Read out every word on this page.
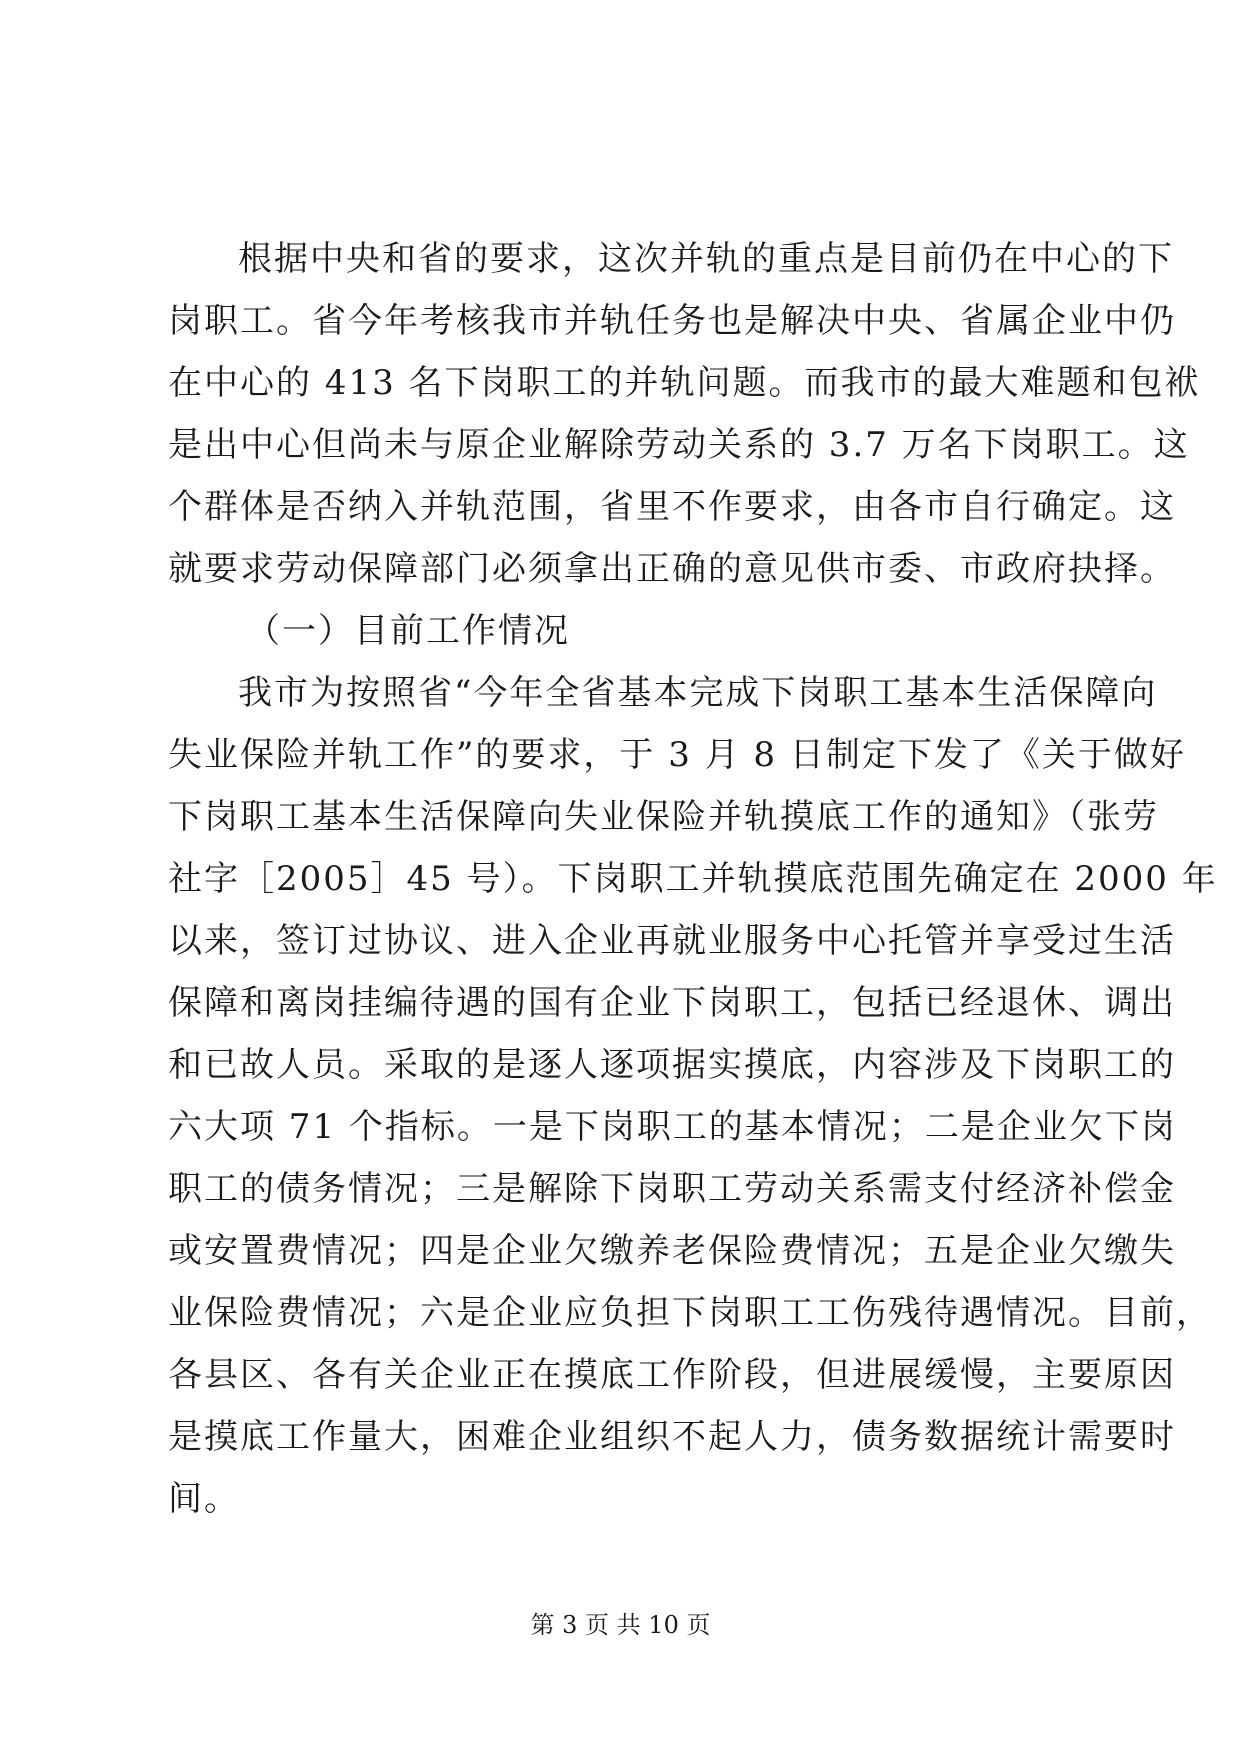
根据中央和省的要求，这次并轨的重点是目前仍在中心的下
岗职工。省今年考核我市并轨任务也是解决中央、省属企业中仍
在中心的 413 名下岗职工的并轨问题。而我市的最大难题和包袱
是出中心但尚未与原企业解除劳动关系的 3.7 万名下岗职工。这
个群体是否纳入并轨范围，省里不作要求，由各市自行确定。这
就要求劳动保障部门必须拿出正确的意见供市委、市政府抉择。
（一）目前工作情况
我市为按照省“今年全省基本完成下岗职工基本生活保障向
失业保险并轨工作”的要求，于 3 月 8 日制定下发了《关于做好
下岗职工基本生活保障向失业保险并轨摸底工作的通知》（张劳
社字［2005］45 号）。下岗职工并轨摸底范围先确定在 2000 年
以来，签订过协议、进入企业再就业服务中心托管并享受过生活
保障和离岗挂编待遇的国有企业下岗职工，包括已经退休、调出
和已故人员。采取的是逐人逐项据实摸底，内容涉及下岗职工的
六大项 71 个指标。一是下岗职工的基本情况；二是企业欠下岗
职工的债务情况；三是解除下岗职工劳动关系需支付经济补偿金
或安置费情况；四是企业欠缴养老保险费情况；五是企业欠缴失
业保险费情况；六是企业应负担下岗职工工伤残待遇情况。目前，
各县区、各有关企业正在摸底工作阶段，但进展缓慢，主要原因
是摸底工作量大，困难企业组织不起人力，债务数据统计需要时
间。
第 3 页 共 10 页
